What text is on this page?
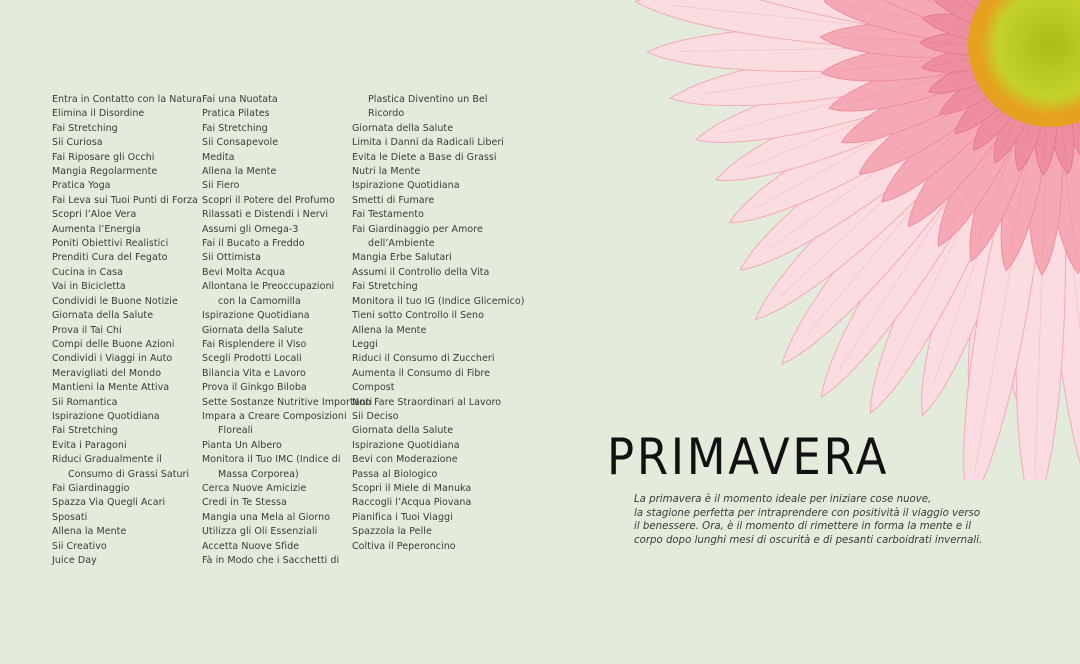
Entra in Contatto con la Natura
Elimina il Disordine
Fai Stretching
Sii Curiosa
Fai Riposare gli Occhi
Mangia Regolarmente
Pratica Yoga
Fai Leva sui Tuoi Punti di Forza
Scopri l’Aloe Vera
Aumenta l’Energia
Poniti Obiettivi Realistici
Prenditi Cura del Fegato
Cucina in Casa
Vai in Bicicletta
Condividi le Buone Notizie
Giornata della Salute
Prova il Tai Chi
Compi delle Buone Azioni
Condividi i Viaggi in Auto
Meravigliati del Mondo
Mantieni la Mente Attiva
Sii Romantica
Ispirazione Quotidiana
Fai Stretching
Evita i Paragoni
Riduci Gradualmente il
Consumo di Grassi Saturi
Fai Giardinaggio
Spazza Via Quegli Acari
Sposati
Allena la Mente
Sii Creativo
Juice Day
Fai una Nuotata
Pratica Pilates
Fai Stretching
Sii Consapevole
Medita
Allena la Mente
Sii Fiero
Scopri il Potere del Profumo
Rilassati e Distendi i Nervi
Assumi gli Omega-3
Fai il Bucato a Freddo
Sii Ottimista
Bevi Molta Acqua
Allontana le Preoccupazioni
con la Camomilla
Ispirazione Quotidiana
Giornata della Salute
Fai Risplendere il Viso
Scegli Prodotti Locali
Bilancia Vita e Lavoro
Prova il Ginkgo Biloba
Sette Sostanze Nutritive Importanti
Impara a Creare Composizioni
Floreali
Pianta Un Albero
Monitora il Tuo IMC (Indice di
Massa Corporea)
Cerca Nuove Amicizie
Credi in Te Stessa
Mangia una Mela al Giorno
Utilizza gli Oli Essenziali
Accetta Nuove Sfide
Fà in Modo che i Sacchetti di
Plastica Diventino un Bel
Ricordo
Giornata della Salute
Limita i Danni da Radicali Liberi
Evita le Diete a Base di Grassi
Nutri la Mente
Ispirazione Quotidiana
Smetti di Fumare
Fai Testamento
Fai Giardinaggio per Amore
dell’Ambiente
Mangia Erbe Salutari
Assumi il Controllo della Vita
Fai Stretching
Monitora il tuo IG (Indice Glicemico)
Tieni sotto Controllo il Seno
Allena la Mente
Leggi
Riduci il Consumo di Zuccheri
Aumenta il Consumo di Fibre
Compost
Non Fare Straordinari al Lavoro
Sii Deciso
Giornata della Salute
Ispirazione Quotidiana
Bevi con Moderazione
Passa al Biologico
Scopri il Miele di Manuka
Raccogli l’Acqua Piovana
Pianifica i Tuoi Viaggi
Spazzola la Pelle
Coltiva il Peperoncino
PRIMAVERA

La primavera è il momento ideale per iniziare cose nuove,
la stagione perfetta per intraprendere con positività il viaggio verso
il benessere. Ora, è il momento di rimettere in forma la mente e il
corpo dopo lunghi mesi di oscurità e di pesanti carboidrati invernali.
